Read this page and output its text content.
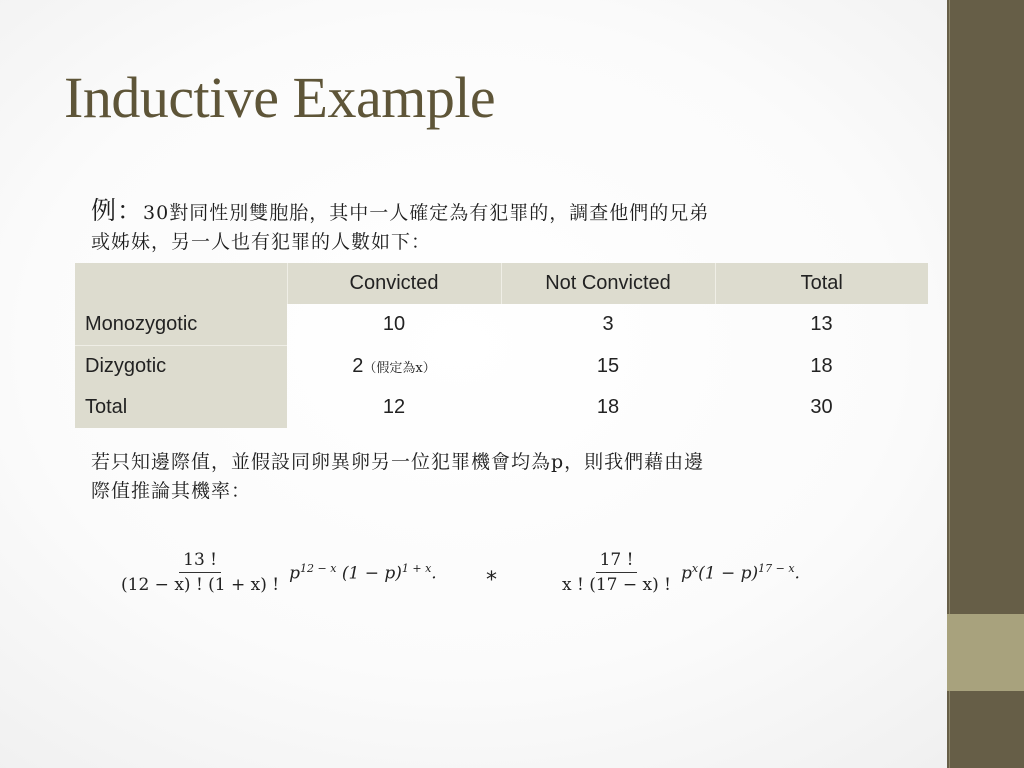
Inductive Example
例：30對同性別雙胞胎，其中一人確定為有犯罪的，調查他們的兄弟
或姊妹，另一人也有犯罪的人數如下：
	Convicted	Not Convicted	Total
Monozygotic	10	3	13
Dizygotic	2（假定為x）	15	18
Total	12	18	30
若只知邊際值，並假設同卵異卵另一位犯罪機會均為p，則我們藉由邊
際值推論其機率：
$\frac{13 !}{(12 - x) ! (1 + x) !} p^{12 - x}$ $(1 - p)^{1 + x}$. *	$\frac{17 !}{x ! (17 - x) !} p^x(1 - p)^{17 - x}$.
